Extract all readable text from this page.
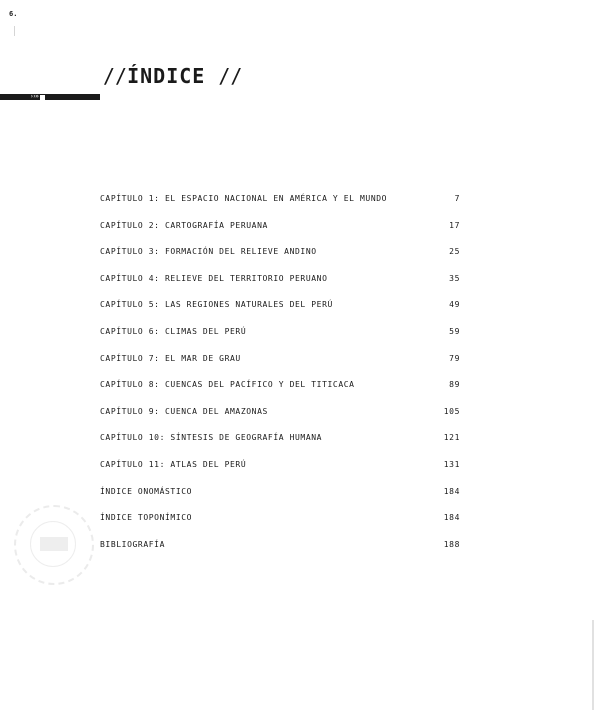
6.
//ÍNDICE //
››»
CAPÍTULO 1: EL ESPACIO NACIONAL EN AMÉRICA Y EL MUNDO	7
CAPÍTULO 2: CARTOGRAFÍA PERUANA	17
CAPÍTULO 3: FORMACIÓN DEL RELIEVE ANDINO	25
CAPÍTULO 4: RELIEVE DEL TERRITORIO PERUANO	35
CAPÍTULO 5: LAS REGIONES NATURALES DEL PERÚ	49
CAPÍTULO 6: CLIMAS DEL PERÚ	59
CAPÍTULO 7: EL MAR DE GRAU	79
CAPÍTULO 8: CUENCAS DEL PACÍFICO Y DEL TITICACA	89
CAPÍTULO 9: CUENCA DEL AMAZONAS	105
CAPÍTULO 10: SÍNTESIS DE GEOGRAFÍA HUMANA	121
CAPÍTULO 11: ATLAS DEL PERÚ	131
ÍNDICE ONOMÁSTICO	184
ÍNDICE TOPONÍMICO	184
BIBLIOGRAFÍA	188
